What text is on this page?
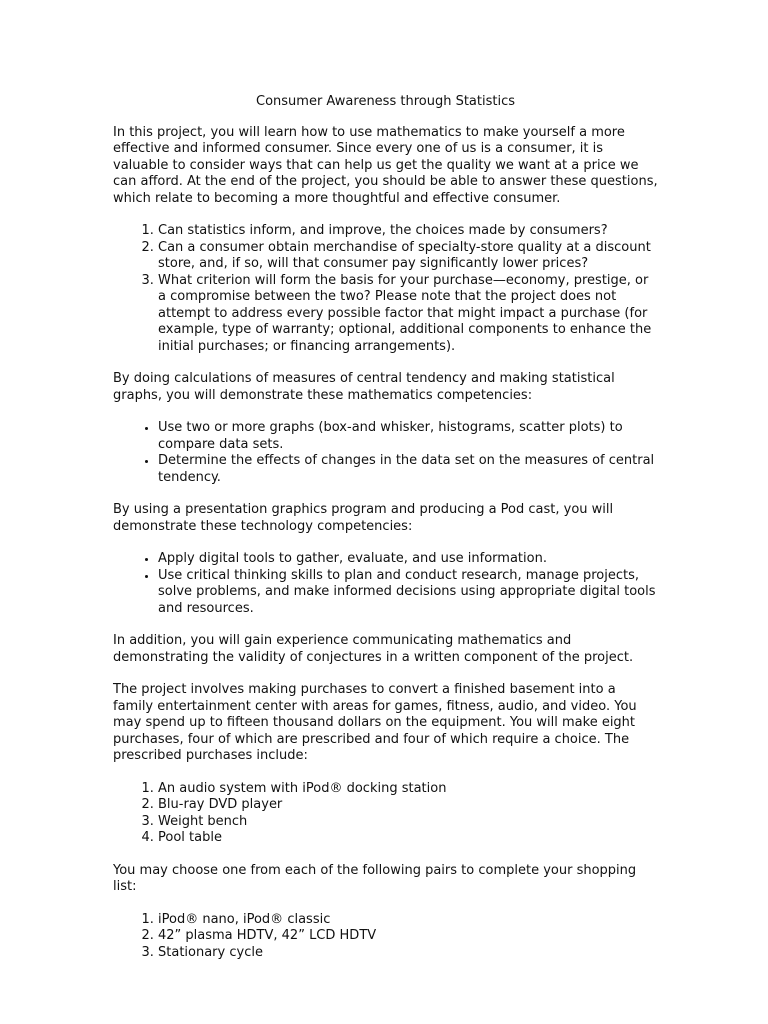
Consumer Awareness through Statistics

In this project, you will learn how to use mathematics to make yourself a more effective and informed consumer. Since every one of us is a consumer, it is valuable to consider ways that can help us get the quality we want at a price we can afford. At the end of the project, you should be able to answer these questions, which relate to becoming a more thoughtful and effective consumer.

1. Can statistics inform, and improve, the choices made by consumers?
2. Can a consumer obtain merchandise of specialty-store quality at a discount store, and, if so, will that consumer pay significantly lower prices?
3. What criterion will form the basis for your purchase—economy, prestige, or a compromise between the two? Please note that the project does not attempt to address every possible factor that might impact a purchase (for example, type of warranty; optional, additional components to enhance the initial purchases; or financing arrangements).

By doing calculations of measures of central tendency and making statistical graphs, you will demonstrate these mathematics competencies:

• Use two or more graphs (box-and whisker, histograms, scatter plots) to compare data sets.
• Determine the effects of changes in the data set on the measures of central tendency.

By using a presentation graphics program and producing a Pod cast, you will demonstrate these technology competencies:

• Apply digital tools to gather, evaluate, and use information.
• Use critical thinking skills to plan and conduct research, manage projects, solve problems, and make informed decisions using appropriate digital tools and resources.

In addition, you will gain experience communicating mathematics and demonstrating the validity of conjectures in a written component of the project.

The project involves making purchases to convert a finished basement into a family entertainment center with areas for games, fitness, audio, and video. You may spend up to fifteen thousand dollars on the equipment. You will make eight purchases, four of which are prescribed and four of which require a choice. The prescribed purchases include:

1. An audio system with iPod® docking station
2. Blu-ray DVD player
3. Weight bench
4. Pool table

You may choose one from each of the following pairs to complete your shopping list:

1. iPod® nano, iPod® classic
2. 42” plasma HDTV, 42” LCD HDTV
3. Stationary cycle
